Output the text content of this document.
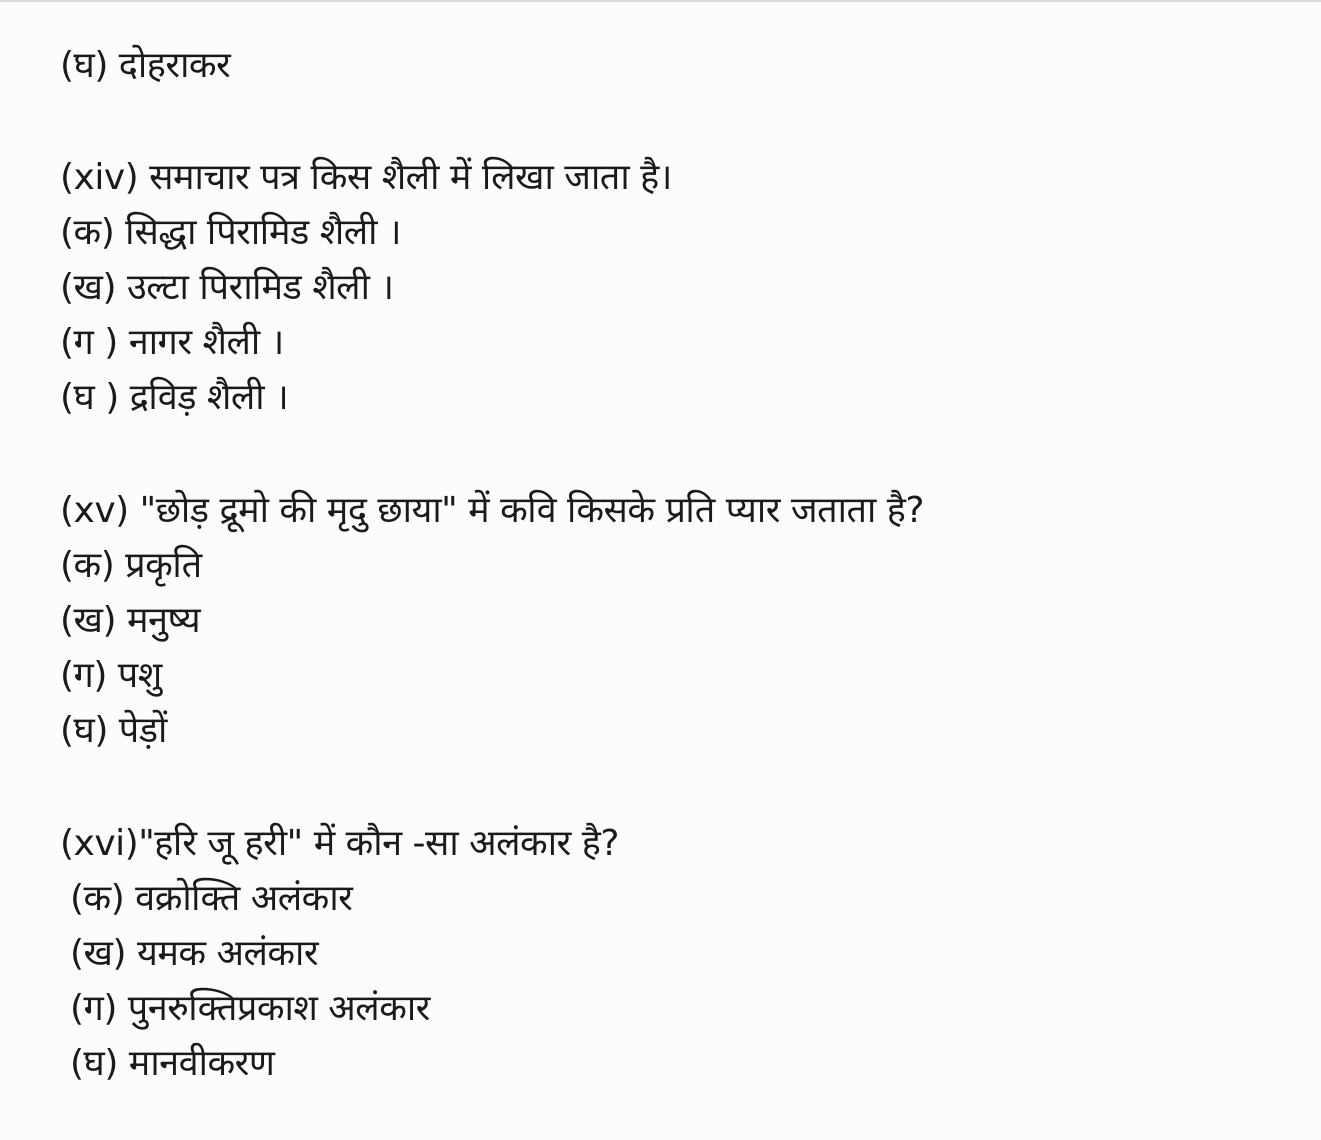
(घ) दोहराकर
(xiv) समाचार पत्र किस शैली में लिखा जाता है।
(क) सिद्धा पिरामिड शैली ।
(ख) उल्टा पिरामिड शैली ।
(ग ) नागर शैली ।
(घ ) द्रविड़ शैली ।
(xv) "छोड़ द्रूमो की मृदु छाया" में कवि किसके प्रति प्यार जताता है?
(क) प्रकृति
(ख) मनुष्य
(ग) पशु
(घ) पेड़ों
(xvi)"हरि जू हरी" में कौन -सा अलंकार है?
(क) वक्रोक्ति अलंकार
(ख) यमक अलंकार
(ग) पुनरुक्तिप्रकाश अलंकार
(घ) मानवीकरण
